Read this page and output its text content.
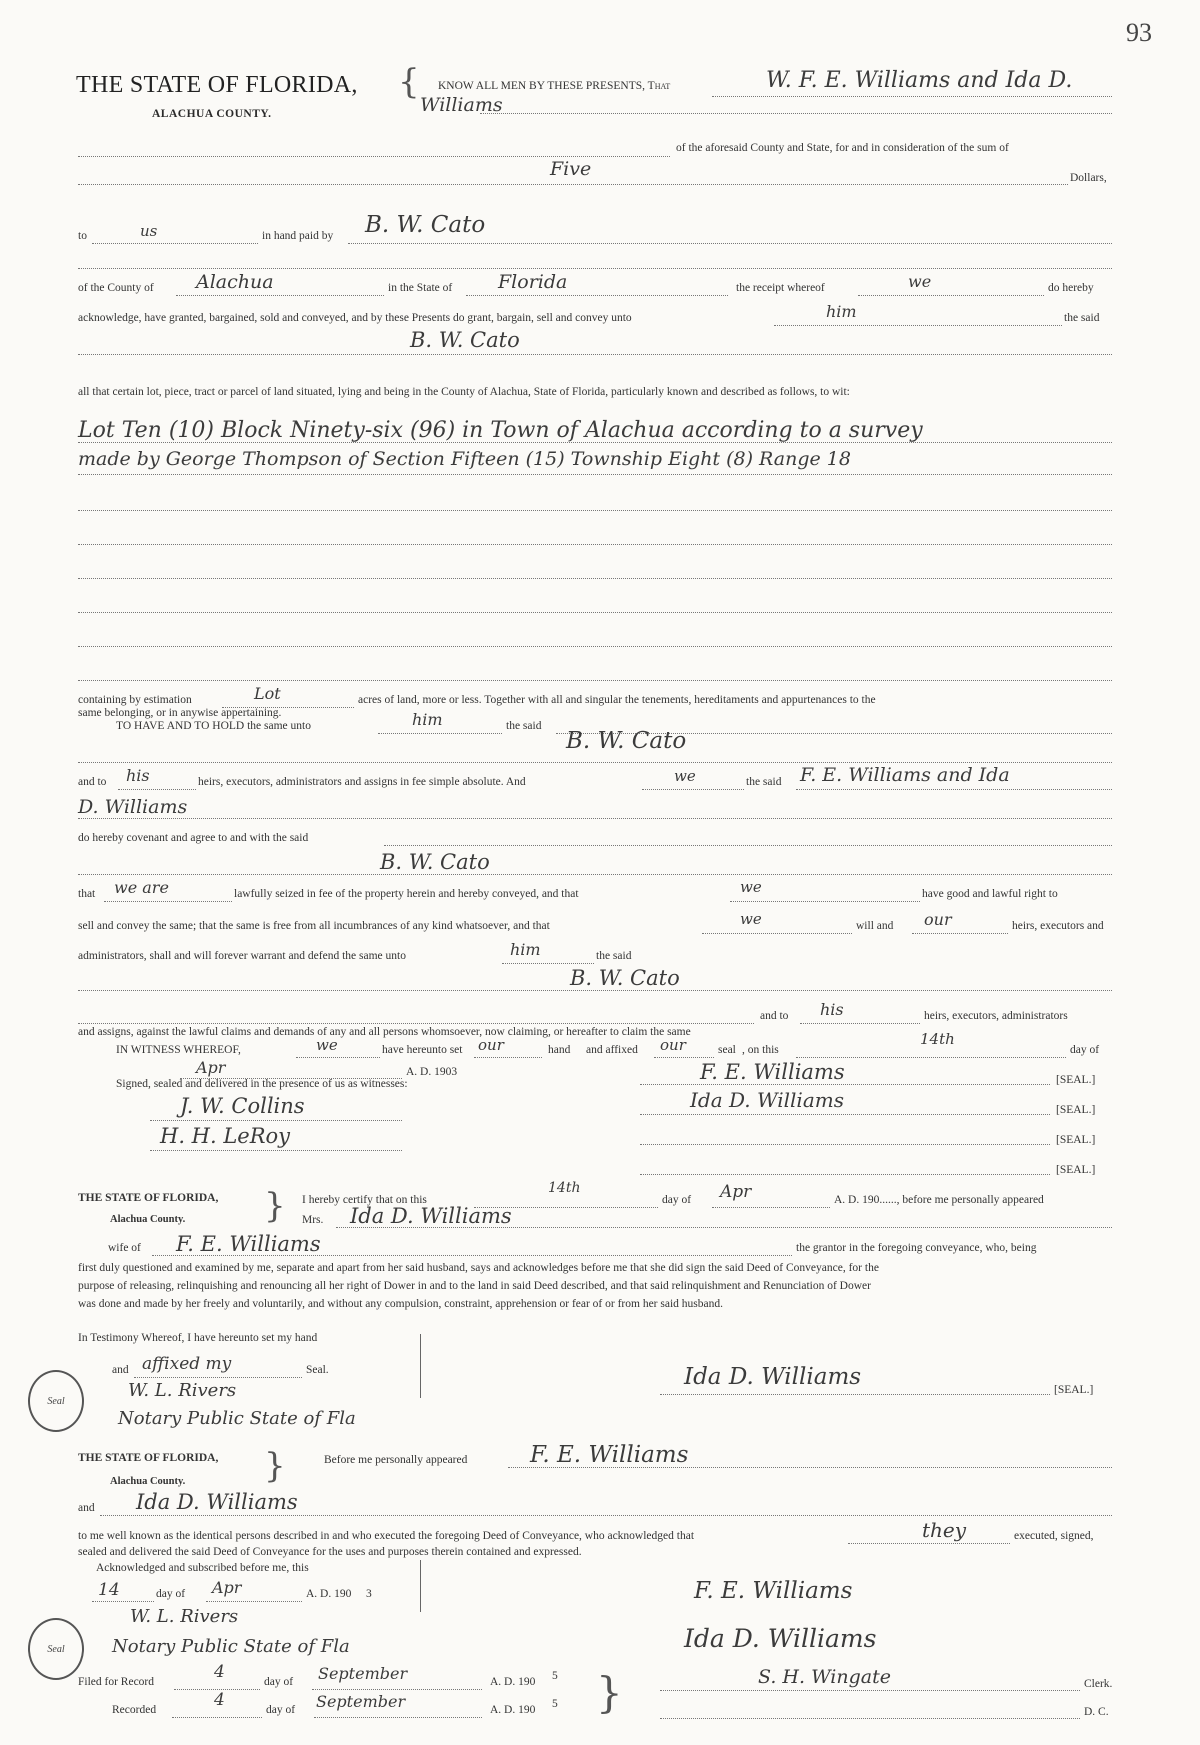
93
THE STATE OF FLORIDA,
ALACHUA COUNTY.
{ KNOW ALL MEN BY THESE PRESENTS, That	W. F. E. Williams and Ida D.
Williams
of the aforesaid County and State, for and in consideration of the sum of
Five	Dollars,
to	us	in hand paid by B. W. Cato
of the County of Alachua	in the State of Florida	the receipt whereof	we	do hereby
acknowledge, have granted, bargained, sold and conveyed, and by these Presents do grant, bargain, sell and convey unto	him	the said
B. W. Cato
all that certain lot, piece, tract or parcel of land situated, lying and being in the County of Alachua, State of Florida, particularly known and described as follows, to wit:
Lot Ten (10) Block Ninety-six (96) in Town of Alachua according to a survey
made by George Thompson of Section Fifteen (15) Township Eight (8) Range 18
containing by estimation	Lot	acres of land, more or less. Together with all and singular the tenements, hereditaments and appurtenances to the
same belonging, or in anywise appertaining.
TO HAVE AND TO HOLD the same unto	him	the said
B. W. Cato
and to his	heirs, executors, administrators and assigns in fee simple absolute. And	we	the said F. E. Williams and Ida
D. Williams
do hereby covenant and agree to and with the said
B. W. Cato
that we are	lawfully seized in fee of the property herein and hereby conveyed, and that	we	have good and lawful right to
sell and convey the same; that the same is free from all incumbrances of any kind whatsoever, and that	we	will and our	heirs, executors and
administrators, shall and will forever warrant and defend the same unto	him	the said
B. W. Cato
and to his	heirs, executors, administrators
and assigns, against the lawful claims and demands of any and all persons whomsoever, now claiming, or hereafter to claim the same
IN WITNESS WHEREOF,	we	have hereunto set our	hand and affixed our	seal , on this
14th
day of
Apr	A. D. 1903
Signed, sealed and delivered in the presence of us as witnesses:	F. E. Williams	[SEAL.]
Ida D. Williams	[SEAL.]
[SEAL.]
[SEAL.]
J. W. Collins
H. H. LeRoy
THE STATE OF FLORIDA,
Alachua County. } I hereby certify that on this
14th
day of Apr	A. D. 190......, before me personally appeared
Mrs. Ida D. Williams
wife of F. E. Williams	the grantor in the foregoing conveyance, who, being
first duly questioned and examined by me, separate and apart from her said husband, says and acknowledges before me that she did sign the said Deed of Conveyance, for the
purpose of releasing, relinquishing and renouncing all her right of Dower in and to the land in said Deed described, and that said relinquishment and Renunciation of Dower
was done and made by her freely and voluntarily, and without any compulsion, constraint, apprehension or fear of or from her said husband.
In Testimony Whereof, I have hereunto set my hand
and affixed my	Seal.
Seal	W. L. Rivers
Notary Public State of Fla
Ida D. Williams	[SEAL.]
THE STATE OF FLORIDA,
Alachua County. }	Before me personally appeared	F. E. Williams
and Ida D. Williams
to me well known as the identical persons described in and who executed the foregoing Deed of Conveyance, who acknowledged that	they	executed, signed,
sealed and delivered the said Deed of Conveyance for the uses and purposes therein contained and expressed.
Acknowledged and subscribed before me, this
14	day of Apr	A. D. 190 3
Seal
W. L. Rivers
Notary Public State of Fla
F. E. Williams
Ida D. Williams
Filed for Record	4	day of September	A. D. 190 5
Recorded	4	day of September	A. D. 190 5 }	S. H. Wingate	Clerk.
D. C.
